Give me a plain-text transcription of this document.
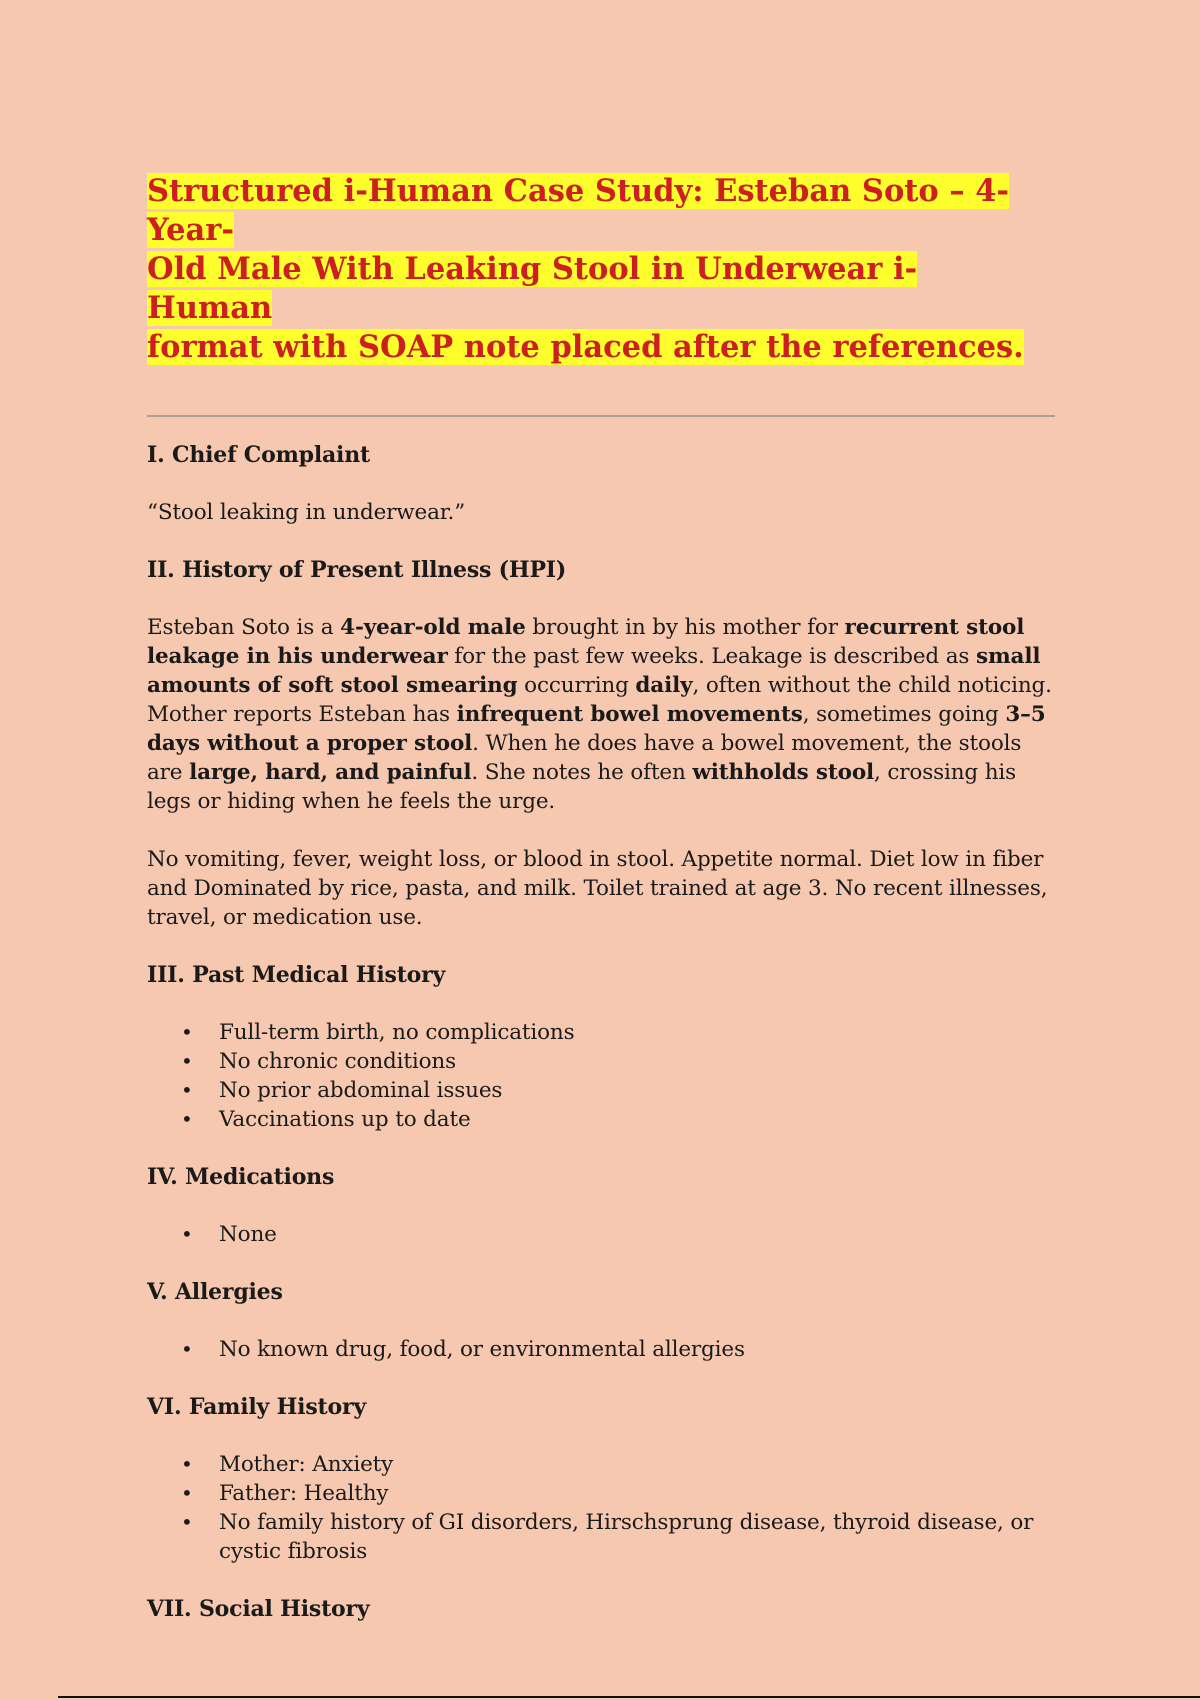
Structured i-Human Case Study: Esteban Soto – 4- Year-
Old Male With Leaking Stool in Underwear i- Human
format with SOAP note placed after the references.
I. Chief Complaint

“Stool leaking in underwear.”

II. History of Present Illness (HPI)

Esteban Soto is a 4-year-old male brought in by his mother for recurrent stool leakage in his underwear for the past few weeks. Leakage is described as small amounts of soft stool smearing occurring daily, often without the child noticing. Mother reports Esteban has infrequent bowel movements, sometimes going 3–5 days without a proper stool. When he does have a bowel movement, the stools are large, hard, and painful. She notes he often withholds stool, crossing his legs or hiding when he feels the urge.

No vomiting, fever, weight loss, or blood in stool. Appetite normal. Diet low in fiber and Dominated by rice, pasta, and milk. Toilet trained at age 3. No recent illnesses, travel, or medication use.

III. Past Medical History
• Full-term birth, no complications
• No chronic conditions
• No prior abdominal issues
• Vaccinations up to date
IV. Medications
• None
V. Allergies
• No known drug, food, or environmental allergies
VI. Family History
• Mother: Anxiety
• Father: Healthy
• No family history of GI disorders, Hirschsprung disease, thyroid disease, or cystic fibrosis
VII. Social History
